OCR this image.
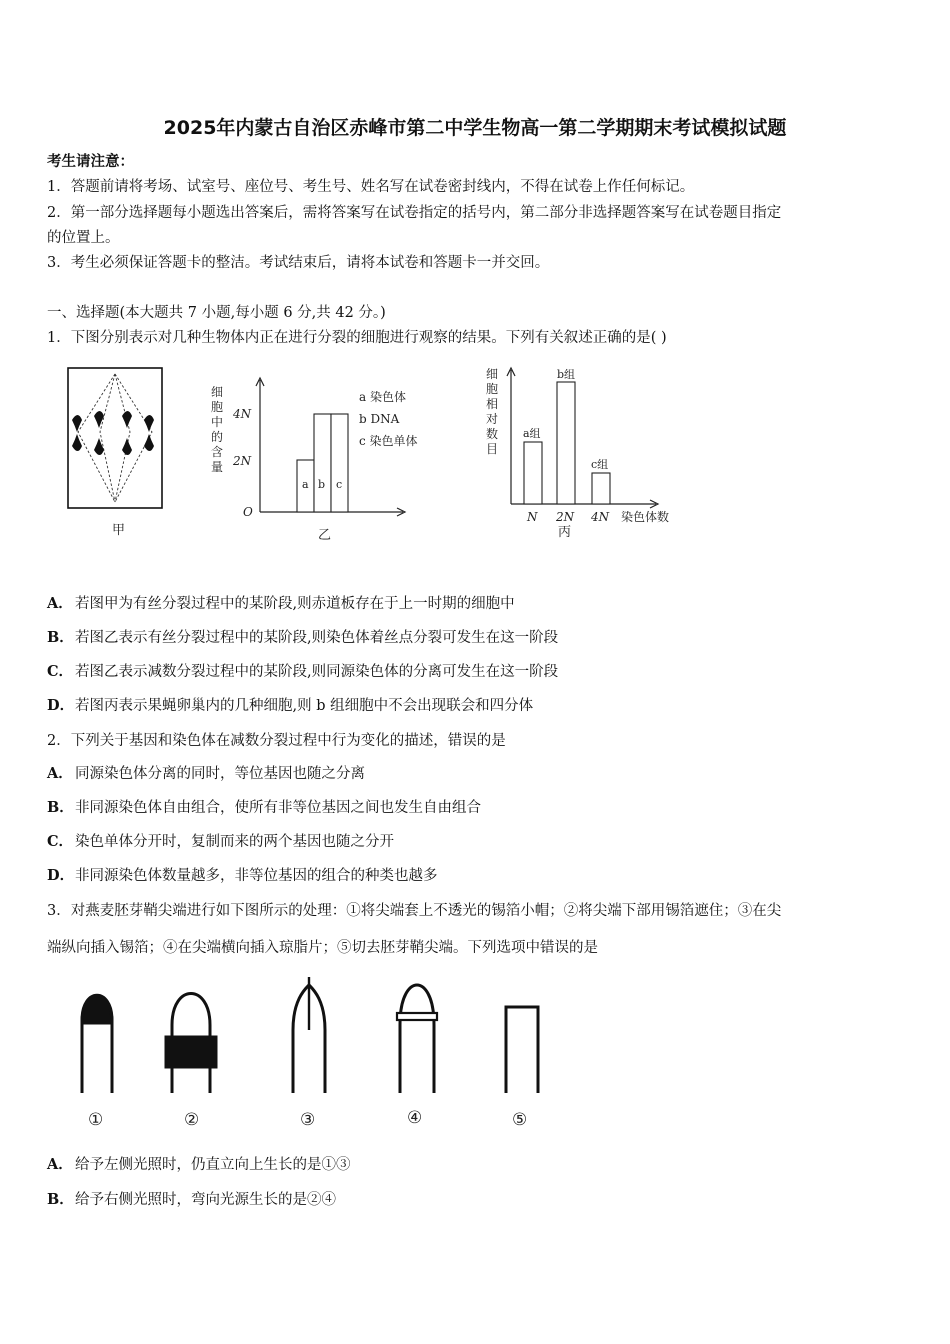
2025年内蒙古自治区赤峰市第二中学生物高一第二学期期末考试模拟试题
考生请注意：
1．答题前请将考场、试室号、座位号、考生号、姓名写在试卷密封线内，不得在试卷上作任何标记。
2．第一部分选择题每小题选出答案后，需将答案写在试卷指定的括号内，第二部分非选择题答案写在试卷题目指定
的位置上。
3．考生必须保证答题卡的整洁。考试结束后，请将本试卷和答题卡一并交回。
一、选择题(本大题共 7 小题,每小题 6 分,共 42 分。)
1．下图分别表示对几种生物体内正在进行分裂的细胞进行观察的结果。下列有关叙述正确的是( )
甲
细
胞
中
的
含
量
4N
2N
O
a b c
a 染色体
b DNA
c 染色单体
乙
细
胞
相
对
数
目
a组
b组
c组
N 2N 4N 染色体数
丙
A． 若图甲为有丝分裂过程中的某阶段,则赤道板存在于上一时期的细胞中
B． 若图乙表示有丝分裂过程中的某阶段,则染色体着丝点分裂可发生在这一阶段
C． 若图乙表示减数分裂过程中的某阶段,则同源染色体的分离可发生在这一阶段
D． 若图丙表示果蝇卵巢内的几种细胞,则 b 组细胞中不会出现联会和四分体
2．下列关于基因和染色体在减数分裂过程中行为变化的描述，错误的是
A． 同源染色体分离的同时，等位基因也随之分离
B． 非同源染色体自由组合，使所有非等位基因之间也发生自由组合
C． 染色单体分开时，复制而来的两个基因也随之分开
D． 非同源染色体数量越多，非等位基因的组合的种类也越多
3．对燕麦胚芽鞘尖端进行如下图所示的处理：①将尖端套上不透光的锡箔小帽；②将尖端下部用锡箔遮住；③在尖
端纵向插入锡箔；④在尖端横向插入琼脂片；⑤切去胚芽鞘尖端。下列选项中错误的是
①	②	③	④	⑤
A． 给予左侧光照时，仍直立向上生长的是①③
B． 给予右侧光照时，弯向光源生长的是②④
